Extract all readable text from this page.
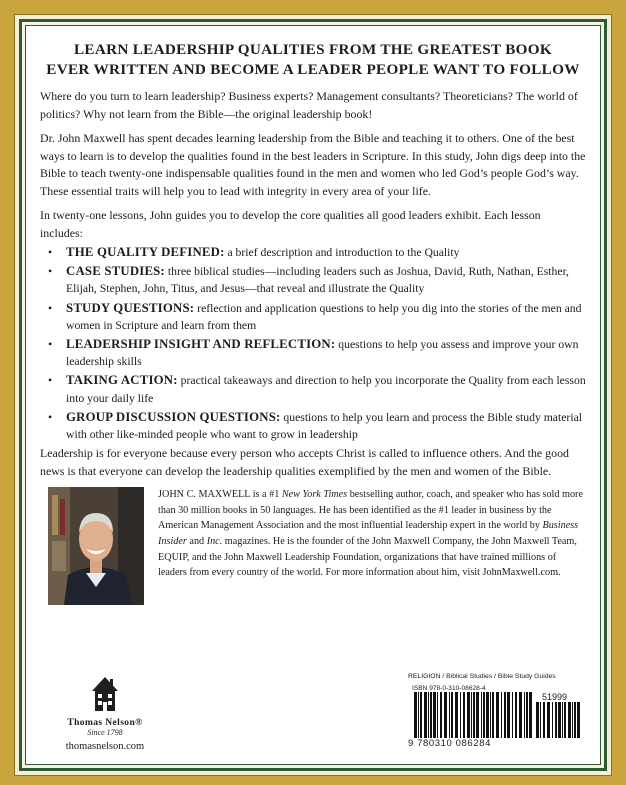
LEARN LEADERSHIP QUALITIES FROM THE GREATEST BOOK
EVER WRITTEN AND BECOME A LEADER PEOPLE WANT TO FOLLOW

Where do you turn to learn leadership? Business experts? Management consultants? Theoreticians? The world of politics? Why not learn from the Bible—the original leadership book!

Dr. John Maxwell has spent decades learning leadership from the Bible and teaching it to others. One of the best ways to learn is to develop the qualities found in the best leaders in Scripture. In this study, John digs deep into the Bible to teach twenty-one indispensable qualities found in the men and women who led God’s people God’s way. These essential traits will help you to lead with integrity in every area of your life.

In twenty-one lessons, John guides you to develop the core qualities all good leaders exhibit. Each lesson includes:

• THE QUALITY DEFINED: a brief description and introduction to the Quality
• CASE STUDIES: three biblical studies—including leaders such as Joshua, David, Ruth, Nathan, Esther, Elijah, Stephen, John, Titus, and Jesus—that reveal and illustrate the Quality
• STUDY QUESTIONS: reflection and application questions to help you dig into the stories of the men and women in Scripture and learn from them
• LEADERSHIP INSIGHT AND REFLECTION: questions to help you assess and improve your own leadership skills
• TAKING ACTION: practical takeaways and direction to help you incorporate the Quality from each lesson into your daily life
• GROUP DISCUSSION QUESTIONS: questions to help you learn and process the Bible study material with other like-minded people who want to grow in leadership

Leadership is for everyone because every person who accepts Christ is called to influence others. And the good news is that everyone can develop the leadership qualities exemplified by the men and women of the Bible.

JOHN C. MAXWELL is a #1 New York Times bestselling author, coach, and speaker who has sold more than 30 million books in 50 languages. He has been identified as the #1 leader in business by the American Management Association and the most influential leadership expert in the world by Business Insider and Inc. magazines. He is the founder of the John Maxwell Company, the John Maxwell Team, EQUIP, and the John Maxwell Leadership Foundation, organizations that have trained millions of leaders from every country of the world. For more information about him, visit JohnMaxwell.com.
Thomas Nelson®
Since 1798
thomasnelson.com
RELIGION / Biblical Studies / Bible Study Guides
ISBN 978-0-310-08628-4
51999
9 780310 086284
